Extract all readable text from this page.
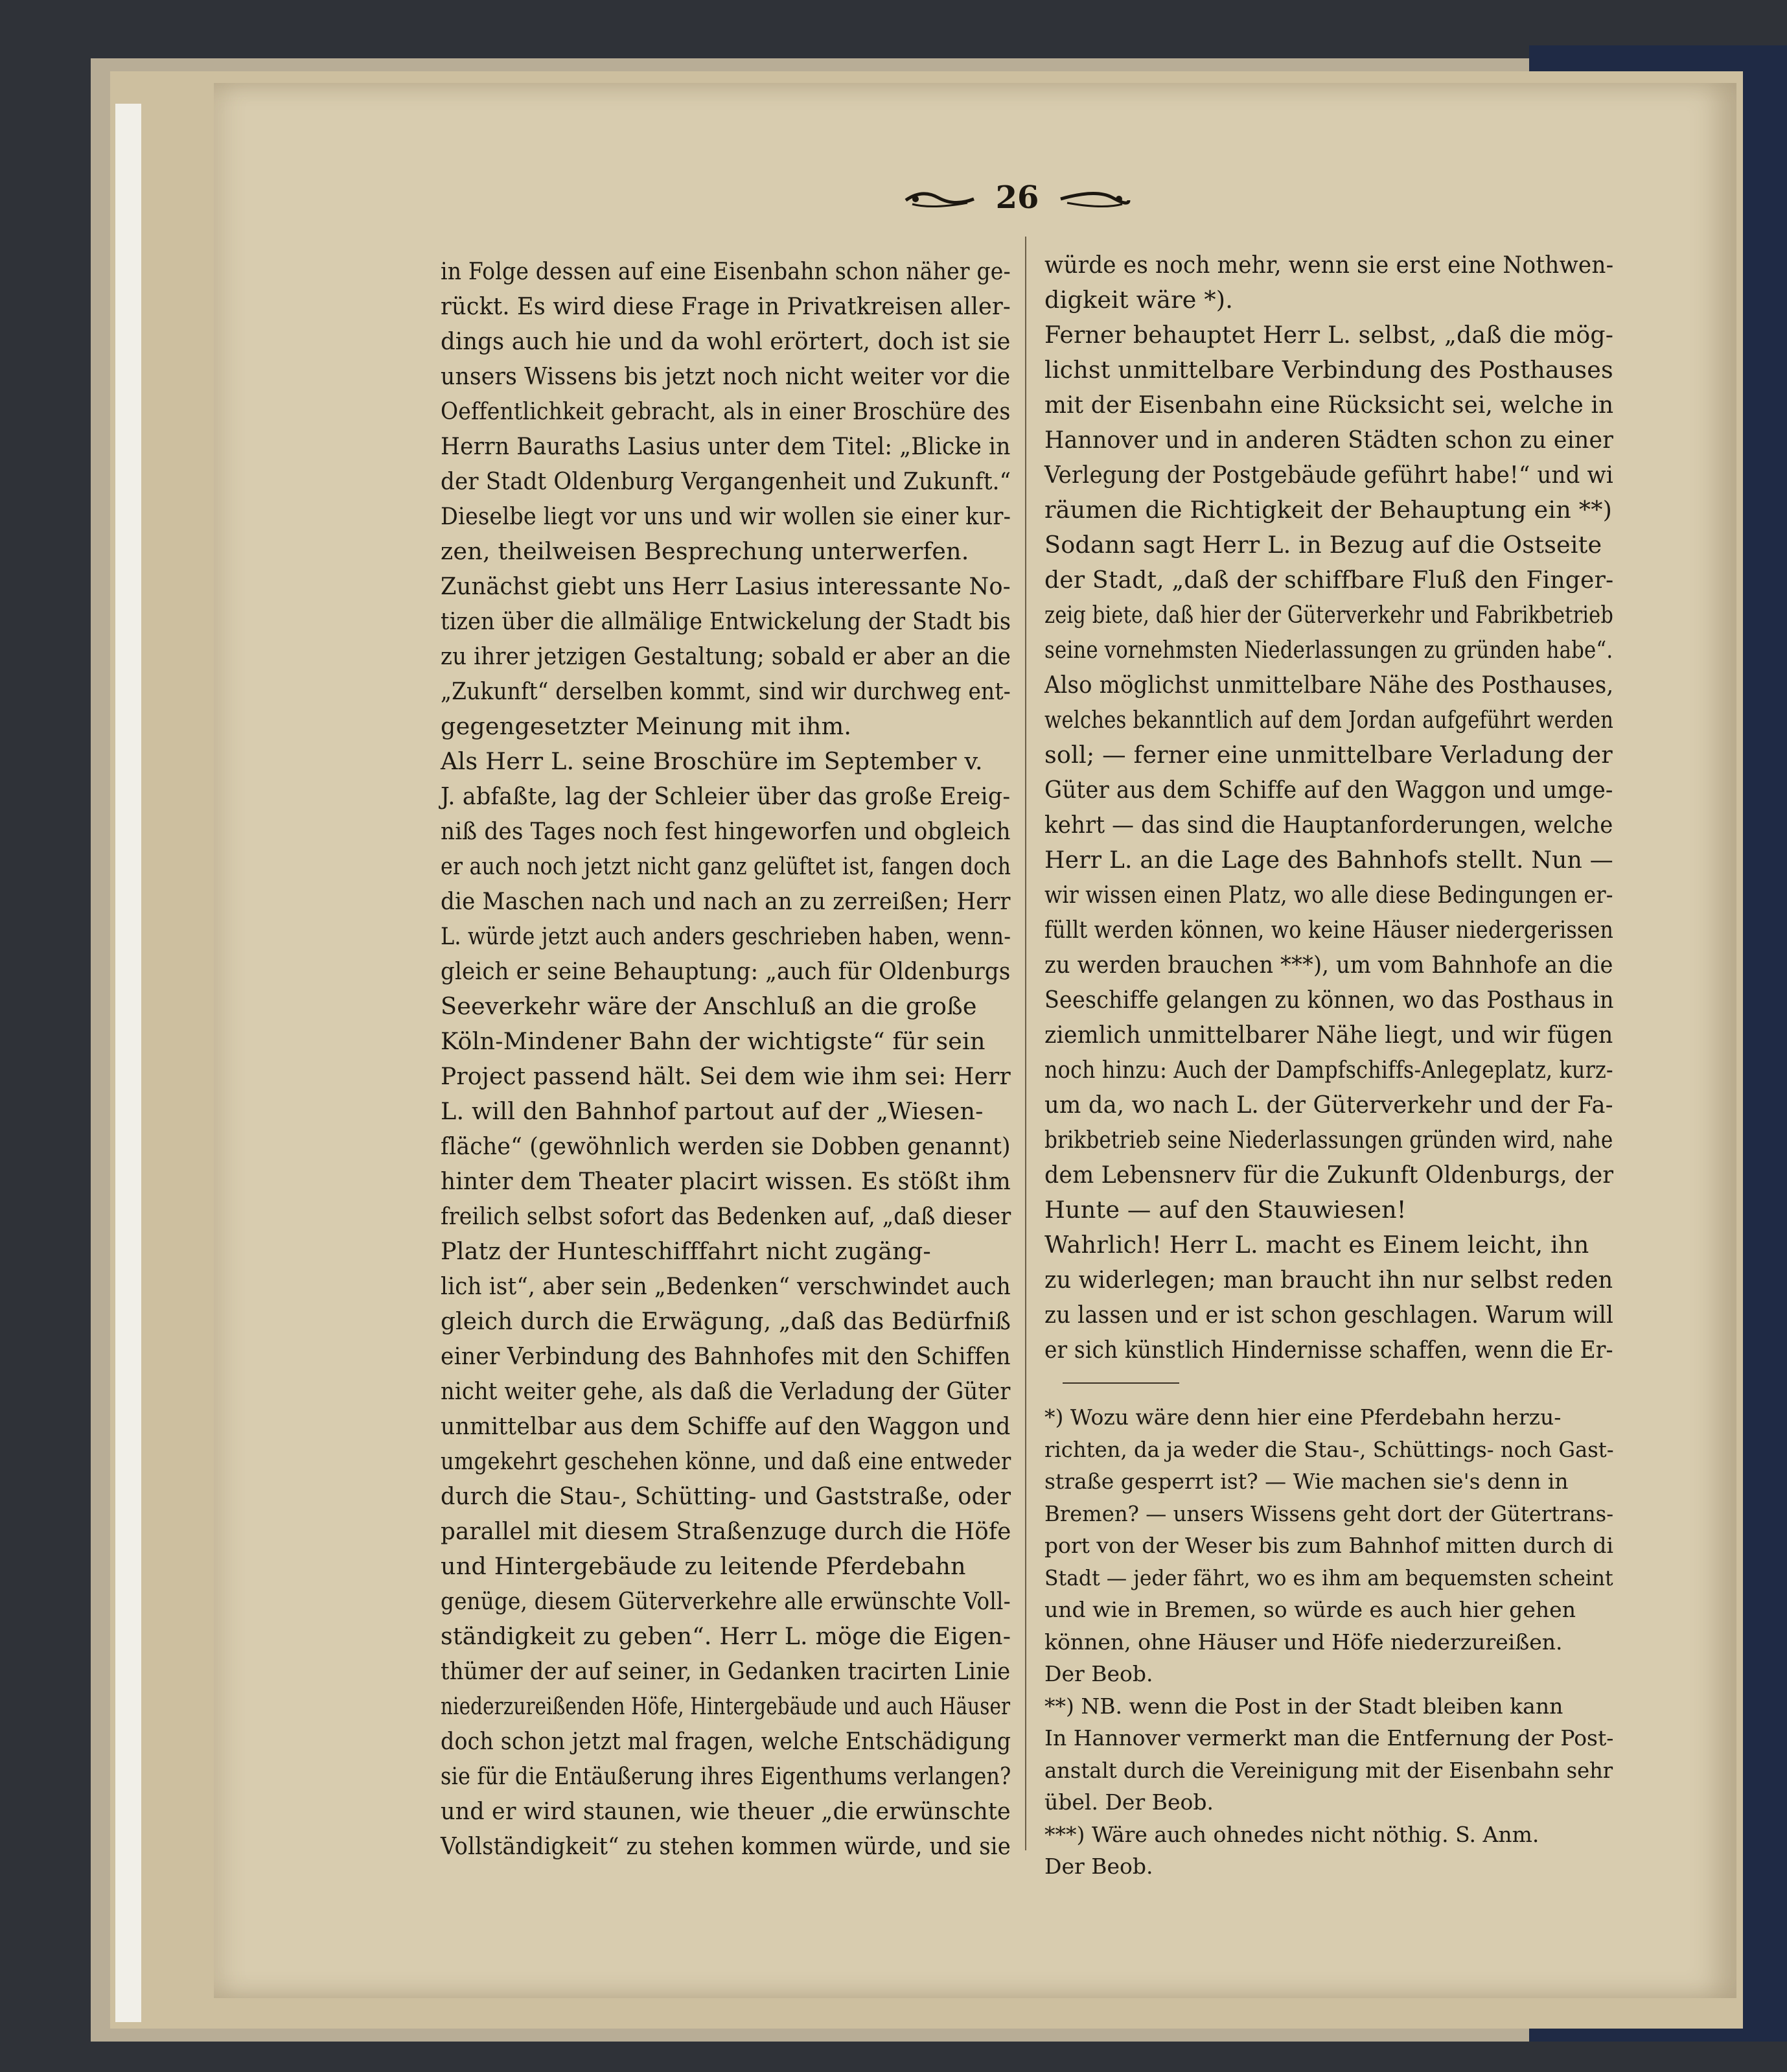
26
in Folge dessen auf eine Eisenbahn schon näher ge-
rückt. Es wird diese Frage in Privatkreisen aller-
dings auch hie und da wohl erörtert, doch ist sie
unsers Wissens bis jetzt noch nicht weiter vor die
Oeffentlichkeit gebracht, als in einer Broschüre des
Herrn Bauraths Lasius unter dem Titel: „Blicke in
der Stadt Oldenburg Vergangenheit und Zukunft.“
Dieselbe liegt vor uns und wir wollen sie einer kur-
zen, theilweisen Besprechung unterwerfen.
Zunächst giebt uns Herr Lasius interessante No-
tizen über die allmälige Entwickelung der Stadt bis
zu ihrer jetzigen Gestaltung; sobald er aber an die
„Zukunft“ derselben kommt, sind wir durchweg ent-
gegengesetzter Meinung mit ihm.
Als Herr L. seine Broschüre im September v.
J. abfaßte, lag der Schleier über das große Ereig-
niß des Tages noch fest hingeworfen und obgleich
er auch noch jetzt nicht ganz gelüftet ist, fangen doch
die Maschen nach und nach an zu zerreißen; Herr
L. würde jetzt auch anders geschrieben haben, wenn-
gleich er seine Behauptung: „auch für Oldenburgs
Seeverkehr wäre der Anschluß an die große
Köln-Mindener Bahn der wichtigste“ für sein
Project passend hält. Sei dem wie ihm sei: Herr
L. will den Bahnhof partout auf der „Wiesen-
fläche“ (gewöhnlich werden sie Dobben genannt)
hinter dem Theater placirt wissen. Es stößt ihm
freilich selbst sofort das Bedenken auf, „daß dieser
Platz der Hunteschifffahrt nicht zugäng-
lich ist“, aber sein „Bedenken“ verschwindet auch
gleich durch die Erwägung, „daß das Bedürfniß
einer Verbindung des Bahnhofes mit den Schiffen
nicht weiter gehe, als daß die Verladung der Güter
unmittelbar aus dem Schiffe auf den Waggon und
umgekehrt geschehen könne, und daß eine entweder
durch die Stau-, Schütting- und Gaststraße, oder
parallel mit diesem Straßenzuge durch die Höfe
und Hintergebäude zu leitende Pferdebahn
genüge, diesem Güterverkehre alle erwünschte Voll-
ständigkeit zu geben“. Herr L. möge die Eigen-
thümer der auf seiner, in Gedanken tracirten Linie
niederzureißenden Höfe, Hintergebäude und auch Häuser
doch schon jetzt mal fragen, welche Entschädigung
sie für die Entäußerung ihres Eigenthums verlangen?
und er wird staunen, wie theuer „die erwünschte
Vollständigkeit“ zu stehen kommen würde, und sie
würde es noch mehr, wenn sie erst eine Nothwen-
digkeit wäre *).
Ferner behauptet Herr L. selbst, „daß die mög-
lichst unmittelbare Verbindung des Posthauses
mit der Eisenbahn eine Rücksicht sei, welche in
Hannover und in anderen Städten schon zu einer
Verlegung der Postgebäude geführt habe!“ und wi
räumen die Richtigkeit der Behauptung ein **)
Sodann sagt Herr L. in Bezug auf die Ostseite
der Stadt, „daß der schiffbare Fluß den Finger-
zeig biete, daß hier der Güterverkehr und Fabrikbetrieb
seine vornehmsten Niederlassungen zu gründen habe“.
Also möglichst unmittelbare Nähe des Posthauses,
welches bekanntlich auf dem Jordan aufgeführt werden
soll; — ferner eine unmittelbare Verladung der
Güter aus dem Schiffe auf den Waggon und umge-
kehrt — das sind die Hauptanforderungen, welche
Herr L. an die Lage des Bahnhofs stellt. Nun —
wir wissen einen Platz, wo alle diese Bedingungen er-
füllt werden können, wo keine Häuser niedergerissen
zu werden brauchen ***), um vom Bahnhofe an die
Seeschiffe gelangen zu können, wo das Posthaus in
ziemlich unmittelbarer Nähe liegt, und wir fügen
noch hinzu: Auch der Dampfschiffs-Anlegeplatz, kurz-
um da, wo nach L. der Güterverkehr und der Fa-
brikbetrieb seine Niederlassungen gründen wird, nahe
dem Lebensnerv für die Zukunft Oldenburgs, der
Hunte — auf den Stauwiesen!
Wahrlich! Herr L. macht es Einem leicht, ihn
zu widerlegen; man braucht ihn nur selbst reden
zu lassen und er ist schon geschlagen. Warum will
er sich künstlich Hindernisse schaffen, wenn die Er-
*) Wozu wäre denn hier eine Pferdebahn herzu-
richten, da ja weder die Stau-, Schüttings- noch Gast-
straße gesperrt ist? — Wie machen sie's denn in
Bremen? — unsers Wissens geht dort der Gütertrans-
port von der Weser bis zum Bahnhof mitten durch di
Stadt — jeder fährt, wo es ihm am bequemsten scheint
und wie in Bremen, so würde es auch hier gehen
können, ohne Häuser und Höfe niederzureißen.
Der Beob.
**) NB. wenn die Post in der Stadt bleiben kann
In Hannover vermerkt man die Entfernung der Post-
anstalt durch die Vereinigung mit der Eisenbahn sehr
übel. Der Beob.
***) Wäre auch ohnedes nicht nöthig. S. Anm.
Der Beob.
